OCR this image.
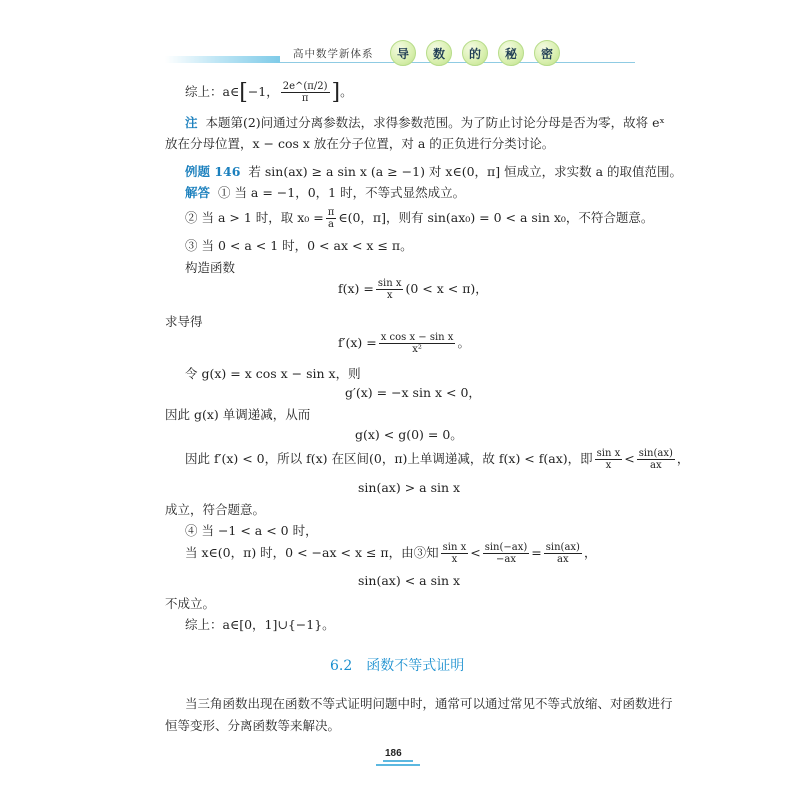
高中数学新体系	导	数	的	秘	密
综上：a∈[−1， $\frac{2e\^{}(\pi/2)}{\pi}$ ]。
注 本题第(2)问通过分离参数法，求得参数范围。为了防止讨论分母是否为零，故将 eˣ
放在分母位置，x − cos x 放在分子位置，对 a 的正负进行分类讨论。
例题 146 若 sin(ax) ≥ a sin x (a ≥ −1) 对 x∈(0，π] 恒成立，求实数 a 的取值范围。
解答 ① 当 a = −1，0，1 时，不等式显然成立。
② 当 a > 1 时，取 $x_0 = \frac{\pi}{a}$ ∈(0，π]，则有 sin(ax₀) = 0 < a sin x₀，不符合题意。
③ 当 0 < a < 1 时，0 < ax < x ≤ π。
构造函数
$f(x) = \frac{\text{sin x}}{x} (0 < x < \pi)$，
求导得
$f'(x) = \frac{\text{x cos x − sin x}}{\text{x²}}$ 。
令 g(x) = x cos x − sin x，则
g′(x) = −x sin x < 0，
因此 g(x) 单调递减，从而
g(x) < g(0) = 0。
因此 f′(x) < 0，所以 f(x) 在区间(0，π)上单调递减，故 f(x) < f(ax)，即 $\frac{\text{sin x}}{x} < \frac{\sin(ax)}{ax}$ ，
sin(ax) > a sin x
成立，符合题意。
④ 当 −1 < a < 0 时，
当 x∈(0，π) 时，0 < −ax < x ≤ π，由③知 $\frac{\text{sin x}}{x} < \frac{\sin(-ax)}{-ax} = \frac{\sin(ax)}{ax}$ ，
sin(ax) < a sin x
不成立。
综上：a∈[0，1]∪{−1}。
6.2 函数不等式证明
当三角函数出现在函数不等式证明问题中时，通常可以通过常见不等式放缩、对函数进行
恒等变形、分离函数等来解决。
186
